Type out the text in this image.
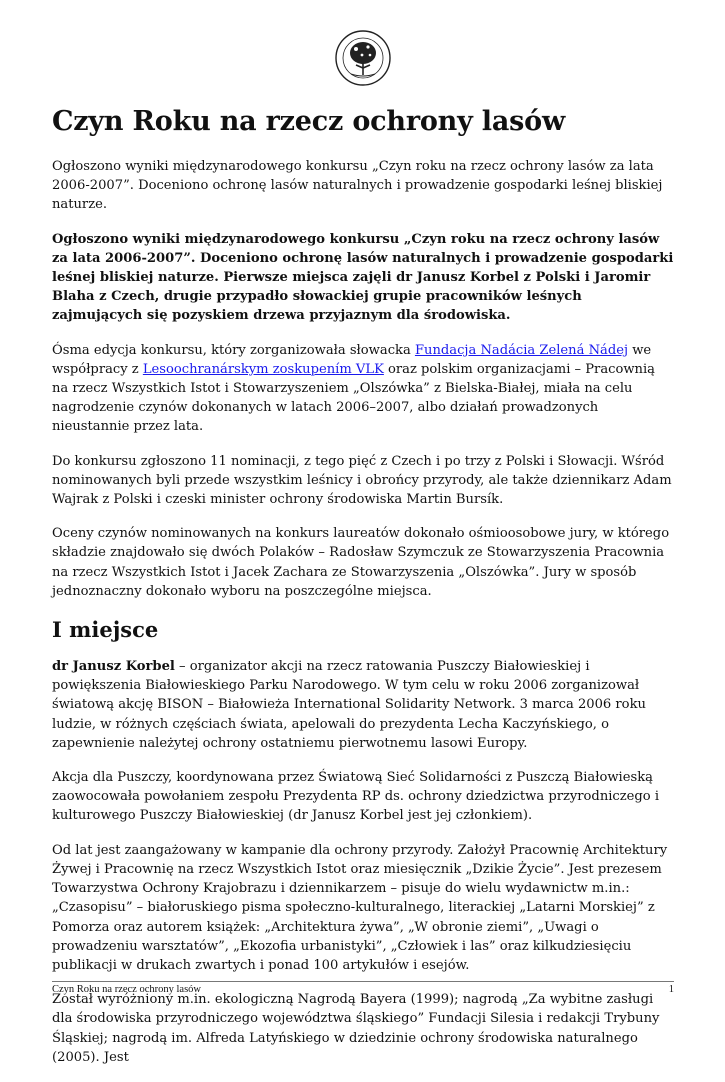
Czyn Roku na rzecz ochrony lasów

Ogłoszono wyniki międzynarodowego konkursu „Czyn roku na rzecz ochrony lasów za lata 2006-2007”. Doceniono ochronę lasów naturalnych i prowadzenie gospodarki leśnej bliskiej naturze.

Ogłoszono wyniki międzynarodowego konkursu „Czyn roku na rzecz ochrony lasów za lata 2006-2007”. Doceniono ochronę lasów naturalnych i prowadzenie gospodarki leśnej bliskiej naturze. Pierwsze miejsca zajęli dr Janusz Korbel z Polski i Jaromir Blaha z Czech, drugie przypadło słowackiej grupie pracowników leśnych zajmujących się pozyskiem drzewa przyjaznym dla środowiska.

Ósma edycja konkursu, który zorganizowała słowacka Fundacja Nadácia Zelená Nádej we współpracy z Lesoochranárskym zoskupením VLK oraz polskim organizacjami – Pracownią na rzecz Wszystkich Istot i Stowarzyszeniem „Olszówka” z Bielska-Białej, miała na celu nagrodzenie czynów dokonanych w latach 2006–2007, albo działań prowadzonych nieustannie przez lata.

Do konkursu zgłoszono 11 nominacji, z tego pięć z Czech i po trzy z Polski i Słowacji. Wśród nominowanych byli przede wszystkim leśnicy i obrońcy przyrody, ale także dziennikarz Adam Wajrak z Polski i czeski minister ochrony środowiska Martin Bursík.

Oceny czynów nominowanych na konkurs laureatów dokonało ośmioosobowe jury, w którego składzie znajdowało się dwóch Polaków – Radosław Szymczuk ze Stowarzyszenia Pracownia na rzecz Wszystkich Istot i Jacek Zachara ze Stowarzyszenia „Olszówka”. Jury w sposób jednoznaczny dokonało wyboru na poszczególne miejsca.

I miejsce

dr Janusz Korbel – organizator akcji na rzecz ratowania Puszczy Białowieskiej i powiększenia Białowieskiego Parku Narodowego. W tym celu w roku 2006 zorganizował światową akcję BISON – Białowieża International Solidarity Network. 3 marca 2006 roku ludzie, w różnych częściach świata, apelowali do prezydenta Lecha Kaczyńskiego, o zapewnienie należytej ochrony ostatniemu pierwotnemu lasowi Europy.

Akcja dla Puszczy, koordynowana przez Światową Sieć Solidarności z Puszczą Białowieską zaowocowała powołaniem zespołu Prezydenta RP ds. ochrony dziedzictwa przyrodniczego i kulturowego Puszczy Białowieskiej (dr Janusz Korbel jest jej członkiem).

Od lat jest zaangażowany w kampanie dla ochrony przyrody. Założył Pracownię Architektury Żywej i Pracownię na rzecz Wszystkich Istot oraz miesięcznik „Dzikie Życie”. Jest prezesem Towarzystwa Ochrony Krajobrazu i dziennikarzem – pisuje do wielu wydawnictw m.in.: „Czasopisu” – białoruskiego pisma społeczno-kulturalnego, literackiej „Latarni Morskiej” z Pomorza oraz autorem książek: „Architektura żywa”, „W obronie ziemi”, „Uwagi o prowadzeniu warsztatów”, „Ekozofia urbanistyki”, „Człowiek i las” oraz kilkudziesięciu publikacji w drukach zwartych i ponad 100 artykułów i esejów.

Został wyróżniony m.in. ekologiczną Nagrodą Bayera (1999); nagrodą „Za wybitne zasługi dla środowiska przyrodniczego województwa śląskiego” Fundacji Silesia i redakcji Trybuny Śląskiej; nagrodą im. Alfreda Latyńskiego w dziedzinie ochrony środowiska naturalnego (2005). Jest

Czyn Roku na rzecz ochrony lasów	1
